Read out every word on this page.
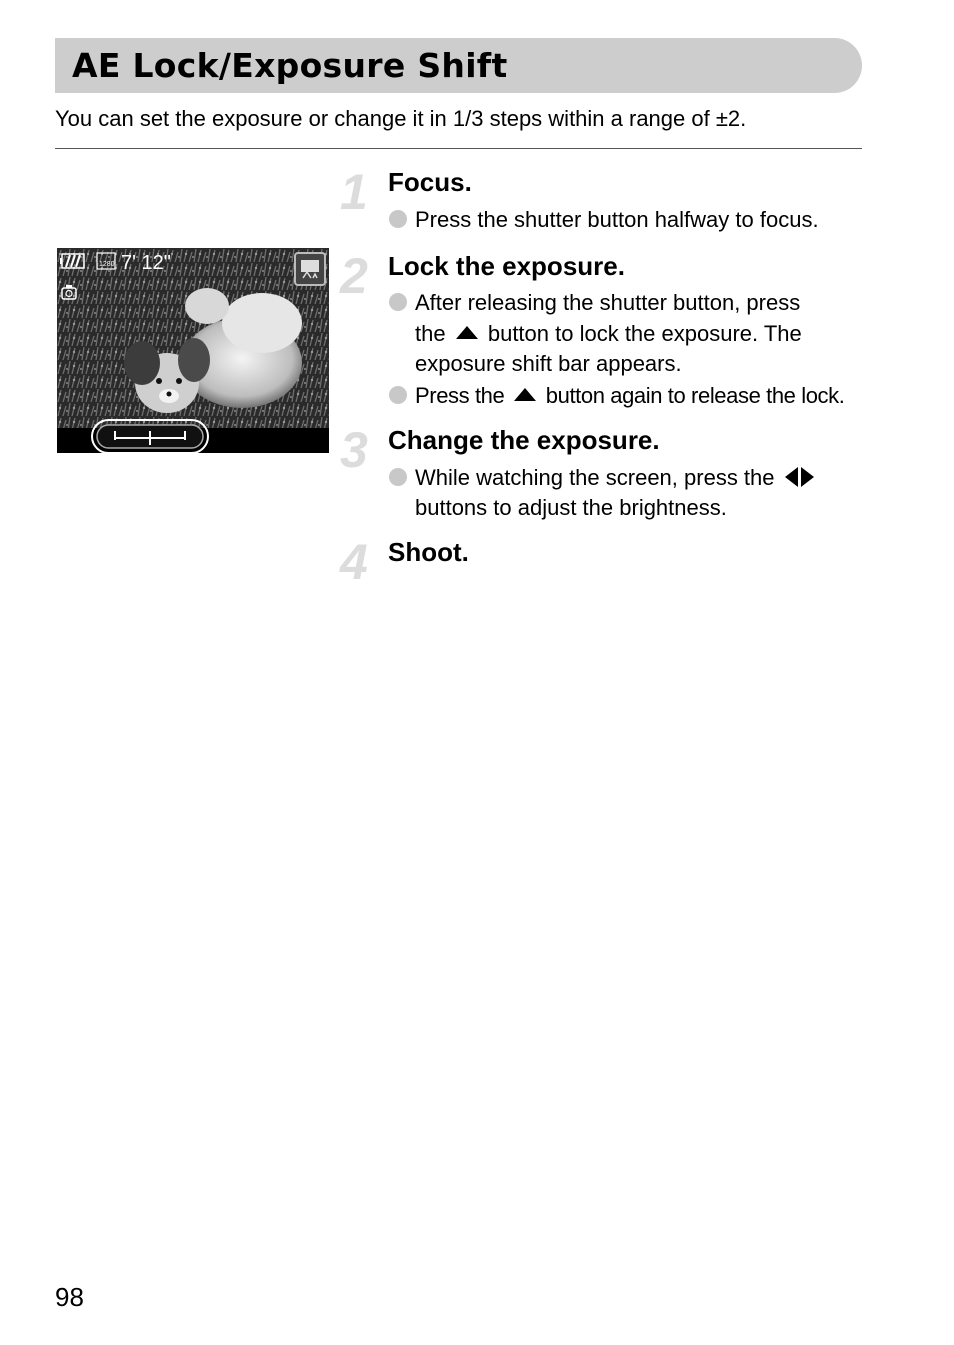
AE Lock/Exposure Shift
You can set the exposure or change it in 1/3 steps within a range of ±2.
1280 7' 12"
1 Focus.
Press the shutter button halfway to focus.
2 Lock the exposure.
After releasing the shutter button, press
the button to lock the exposure. The
exposure shift bar appears.
Press the button again to release the lock.
3 Change the exposure.
While watching the screen, press the
buttons to adjust the brightness.
4 Shoot.
98
